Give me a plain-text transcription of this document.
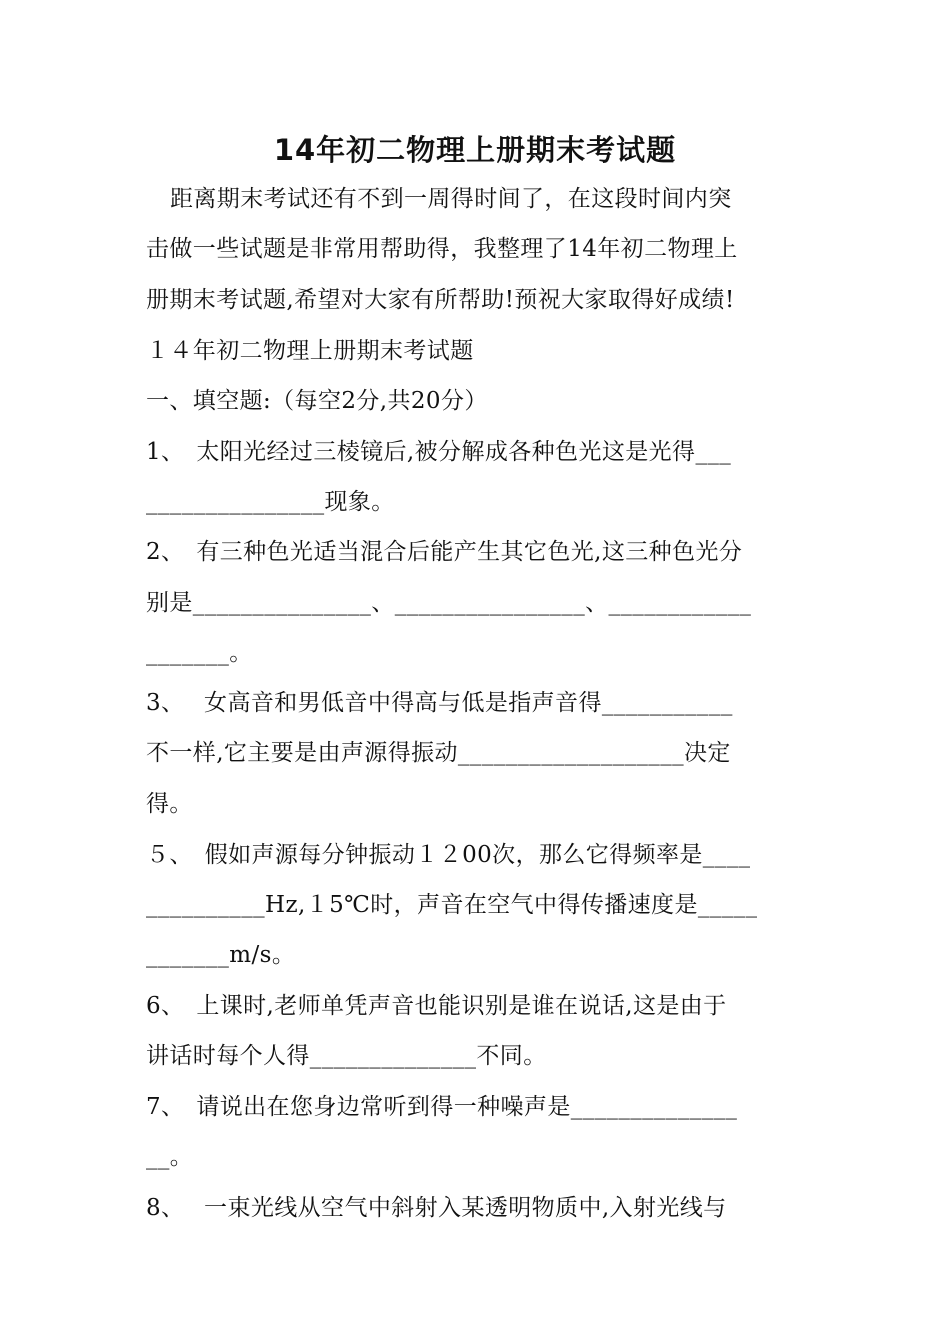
14年初二物理上册期末考试题
距离期末考试还有不到一周得时间了，在这段时间内突
击做一些试题是非常用帮助得，我整理了14年初二物理上
册期末考试题,希望对大家有所帮助!预祝大家取得好成绩!
１４年初二物理上册期末考试题
一、填空题:（每空2分,共20分）
1、　太阳光经过三棱镜后,被分解成各种色光这是光得___
_______________现象。
2、　有三种色光适当混合后能产生其它色光,这三种色光分
别是_______________、________________、____________
_______。
3、　 女高音和男低音中得高与低是指声音得___________
不一样,它主要是由声源得振动___________________决定
得。
５、　假如声源每分钟振动１２00次，那么它得频率是____
__________Hz,１5℃时，声音在空气中得传播速度是_____
_______m/s。
6、　上课时,老师单凭声音也能识别是谁在说话,这是由于
讲话时每个人得______________不同。
7、　请说出在您身边常听到得一种噪声是______________
__。
8、　 一束光线从空气中斜射入某透明物质中,入射光线与
